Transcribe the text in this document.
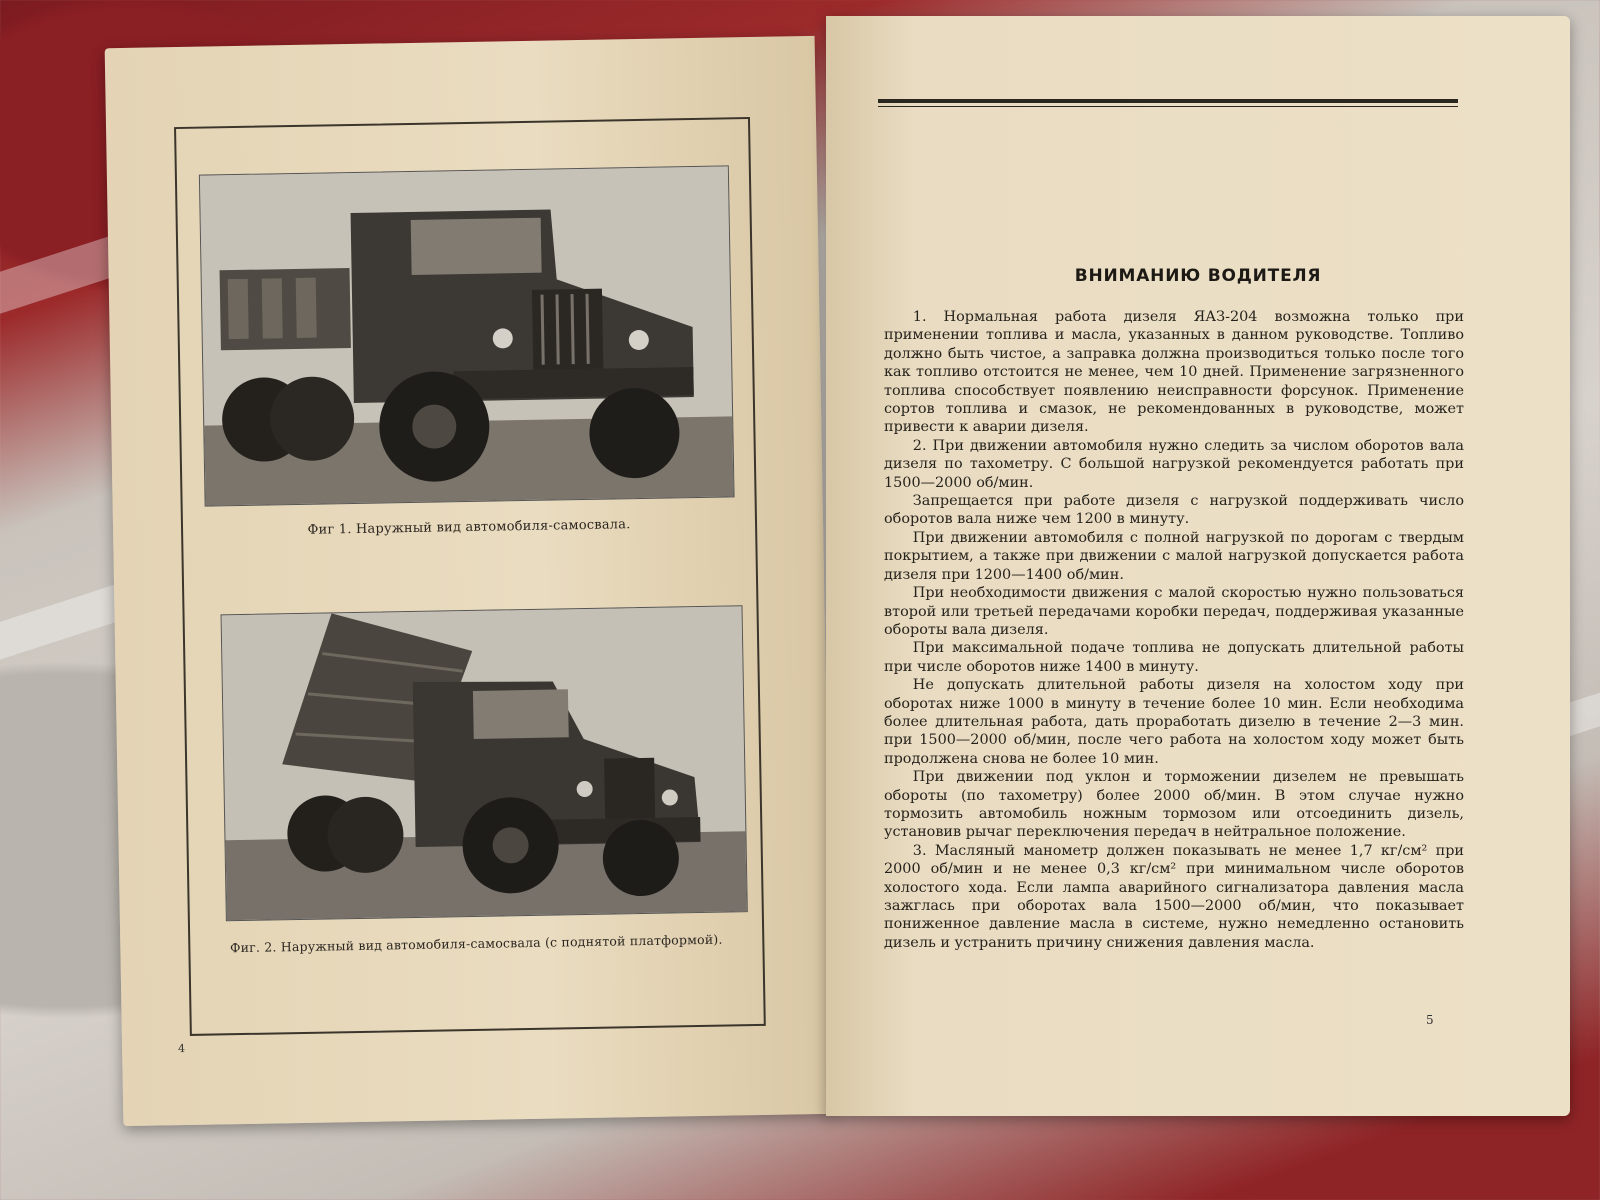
Фиг 1. Наружный вид автомобиля-самосвала.
Фиг. 2. Наружный вид автомобиля-самосвала (с поднятой платформой).
4
ВНИМАНИЮ ВОДИТЕЛЯ

1. Нормальная работа дизеля ЯАЗ-204 возможна только при применении топлива и масла, указанных в данном руководстве. Топливо должно быть чистое, а заправка должна производиться только после того как топливо отстоится не менее, чем 10 дней. Применение загрязненного топлива способствует появлению неисправности форсунок. Применение сортов топлива и смазок, не рекомендованных в руководстве, может привести к аварии дизеля.

2. При движении автомобиля нужно следить за числом оборотов вала дизеля по тахометру. С большой нагрузкой рекомендуется работать при 1500—2000 об/мин.

Запрещается при работе дизеля с нагрузкой поддерживать число оборотов вала ниже чем 1200 в минуту.

При движении автомобиля с полной нагрузкой по дорогам с твердым покрытием, а также при движении с малой нагрузкой допускается работа дизеля при 1200—1400 об/мин.

При необходимости движения с малой скоростью нужно пользоваться второй или третьей передачами коробки передач, поддерживая указанные обороты вала дизеля.

При максимальной подаче топлива не допускать длительной работы при числе оборотов ниже 1400 в минуту.

Не допускать длительной работы дизеля на холостом ходу при оборотах ниже 1000 в минуту в течение более 10 мин. Если необходима более длительная работа, дать проработать дизелю в течение 2—3 мин. при 1500—2000 об/мин, после чего работа на холостом ходу может быть продолжена снова не более 10 мин.

При движении под уклон и торможении дизелем не превышать обороты (по тахометру) более 2000 об/мин. В этом случае нужно тормозить автомобиль ножным тормозом или отсоединить дизель, установив рычаг переключения передач в нейтральное положение.

3. Масляный манометр должен показывать не менее 1,7 кг/см² при 2000 об/мин и не менее 0,3 кг/см² при минимальном числе оборотов холостого хода. Если лампа аварийного сигнализатора давления масла зажглась при оборотах вала 1500—2000 об/мин, что показывает пониженное давление масла в системе, нужно немедленно остановить дизель и устранить причину снижения давления масла.

5
